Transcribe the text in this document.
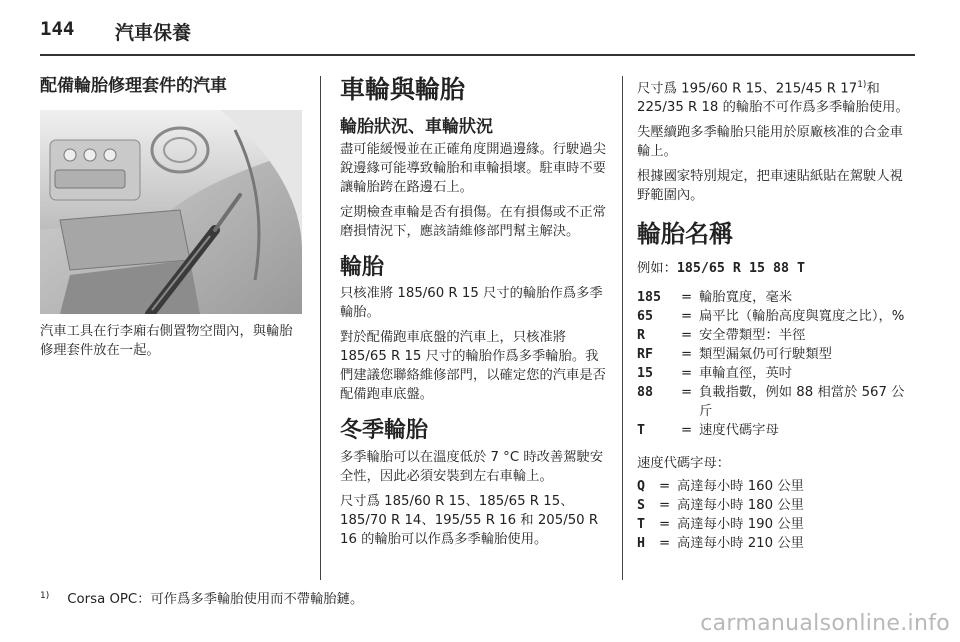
144 汽車保養
配備輪胎修理套件的汽車
汽車工具在行李廂右側置物空間內，與輪胎修理套件放在一起。
車輪與輪胎
輪胎狀況、車輪狀況
盡可能緩慢並在正確角度開過邊緣。行駛過尖銳邊緣可能導致輪胎和車輪損壞。駐車時不要讓輪胎跨在路邊石上。
定期檢查車輪是否有損傷。在有損傷或不正常磨損情況下，應該請維修部門幫主解決。
輪胎
只核准將 185/60 R 15 尺寸的輪胎作爲多季輪胎。
對於配備跑車底盤的汽車上，只核准將 185/65 R 15 尺寸的輪胎作爲多季輪胎。我們建議您聯絡維修部門，以確定您的汽車是否配備跑車底盤。
冬季輪胎
多季輪胎可以在溫度低於 7 °C 時改善駕駛安全性，因此必須安裝到左右車輪上。
尺寸爲 185/60 R 15、185/65 R 15、185/70 R 14、195/55 R 16 和 205/50 R 16 的輪胎可以作爲多季輪胎使用。
尺寸爲 195/60 R 15、215/45 R 17$^{1)}$和 225/35 R 18 的輪胎不可作爲多季輪胎使用。
失壓續跑多季輪胎只能用於原廠核准的合金車輪上。
根據國家特別規定，把車速貼紙貼在駕駛人視野範圍內。
輪胎名稱
例如：185/65 R 15 88 T
185	= 輪胎寬度，毫米
65	= 扁平比（輪胎高度與寬度之比），%
R	= 安全帶類型：半徑
RF	= 類型漏氣仍可行駛類型
15	= 車輪直徑，英吋
88	= 負載指數，例如 88 相當於 567 公斤
T	= 速度代碼字母
速度代碼字母：
Q	= 高達每小時 160 公里
S	= 高達每小時 180 公里
T	= 高達每小時 190 公里
H	= 高達每小時 210 公里
$^{1)}$ Corsa OPC：可作爲多季輪胎使用而不帶輪胎鏈。
carmanualsonline.info
